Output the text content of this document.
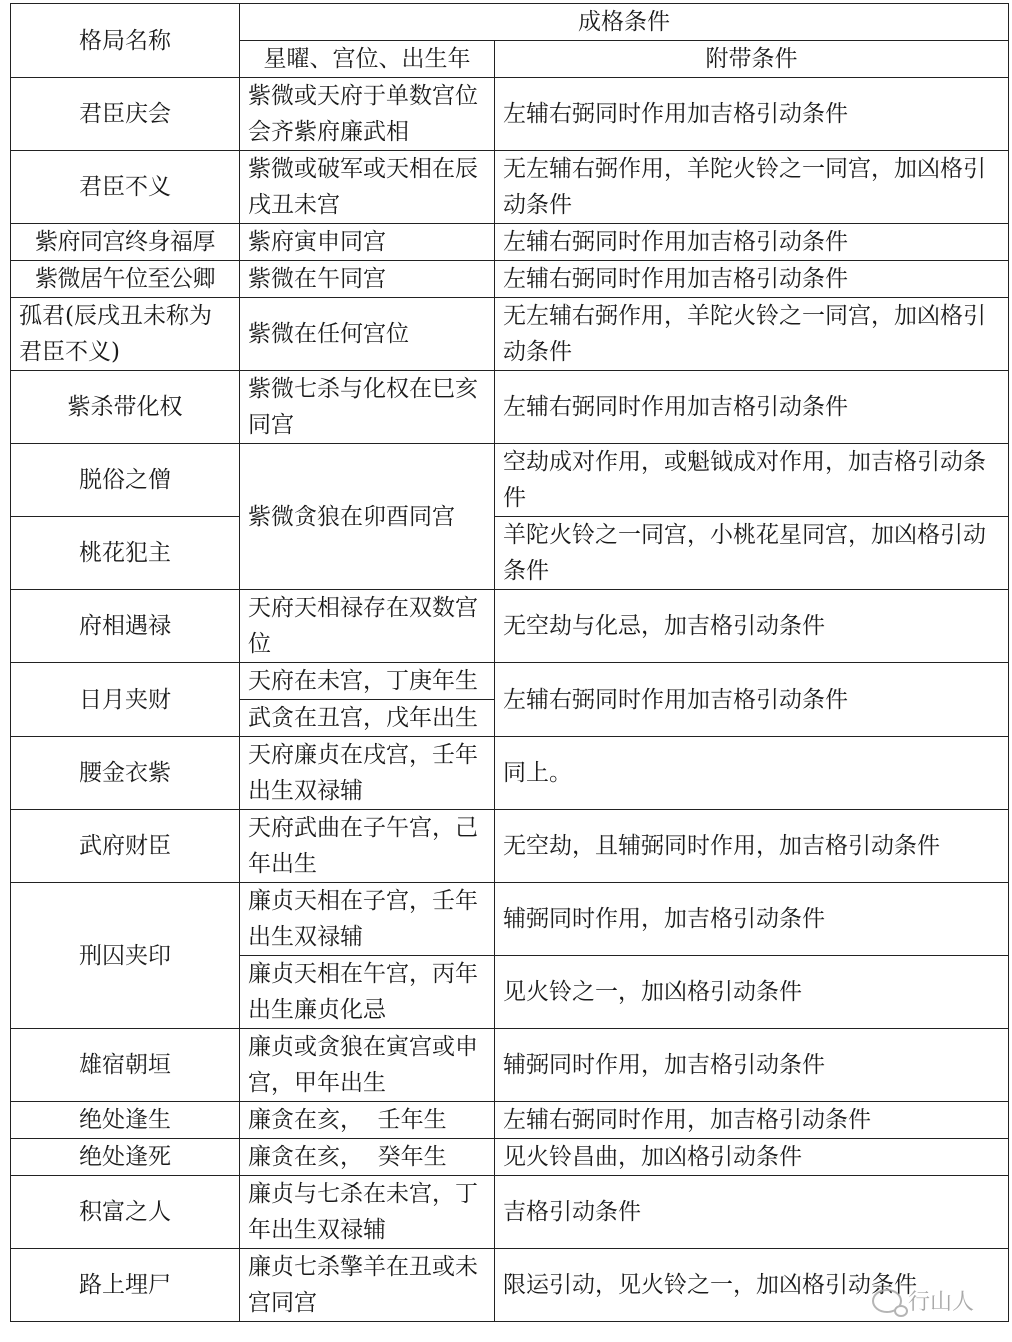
格局名称	成格条件	
	星曜、宫位、出生年	附带条件
君臣庆会	紫微或天府于单数宫位会齐紫府廉武相	左辅右弼同时作用加吉格引动条件
君臣不义	紫微或破军或天相在辰戌丑未宫	无左辅右弼作用，羊陀火铃之一同宫，加凶格引动条件
紫府同宫终身福厚	紫府寅申同宫	左辅右弼同时作用加吉格引动条件
紫微居午位至公卿	紫微在午同宫	左辅右弼同时作用加吉格引动条件
孤君(辰戌丑未称为君臣不义)	紫微在任何宫位	无左辅右弼作用，羊陀火铃之一同宫，加凶格引动条件
紫杀带化权	紫微七杀与化权在巳亥同宫	左辅右弼同时作用加吉格引动条件
脱俗之僧	紫微贪狼在卯酉同宫	空劫成对作用，或魁钺成对作用，加吉格引动条件
桃花犯主		羊陀火铃之一同宫，小桃花星同宫，加凶格引动条件
府相遇禄	天府天相禄存在双数宫位	无空劫与化忌，加吉格引动条件
日月夹财	天府在未宫，丁庚年生	左辅右弼同时作用加吉格引动条件
	武贪在丑宫，戊年出生	
腰金衣紫	天府廉贞在戌宫，壬年出生双禄辅	同上。
武府财臣	天府武曲在子午宫，己年出生	无空劫，且辅弼同时作用，加吉格引动条件
刑囚夹印	廉贞天相在子宫，壬年出生双禄辅	辅弼同时作用，加吉格引动条件
	廉贞天相在午宫，丙年出生廉贞化忌	见火铃之一，加凶格引动条件
雄宿朝垣	廉贞或贪狼在寅宫或申宫，甲年出生	辅弼同时作用，加吉格引动条件
绝处逢生	廉贪在亥，  壬年生	左辅右弼同时作用，加吉格引动条件
绝处逢死	廉贪在亥，  癸年生	见火铃昌曲，加凶格引动条件
积富之人	廉贞与七杀在未宫，丁年出生双禄辅	吉格引动条件
路上埋尸	廉贞七杀擎羊在丑或未宫同宫	限运引动，见火铃之一，加凶格引动条件
行山人
